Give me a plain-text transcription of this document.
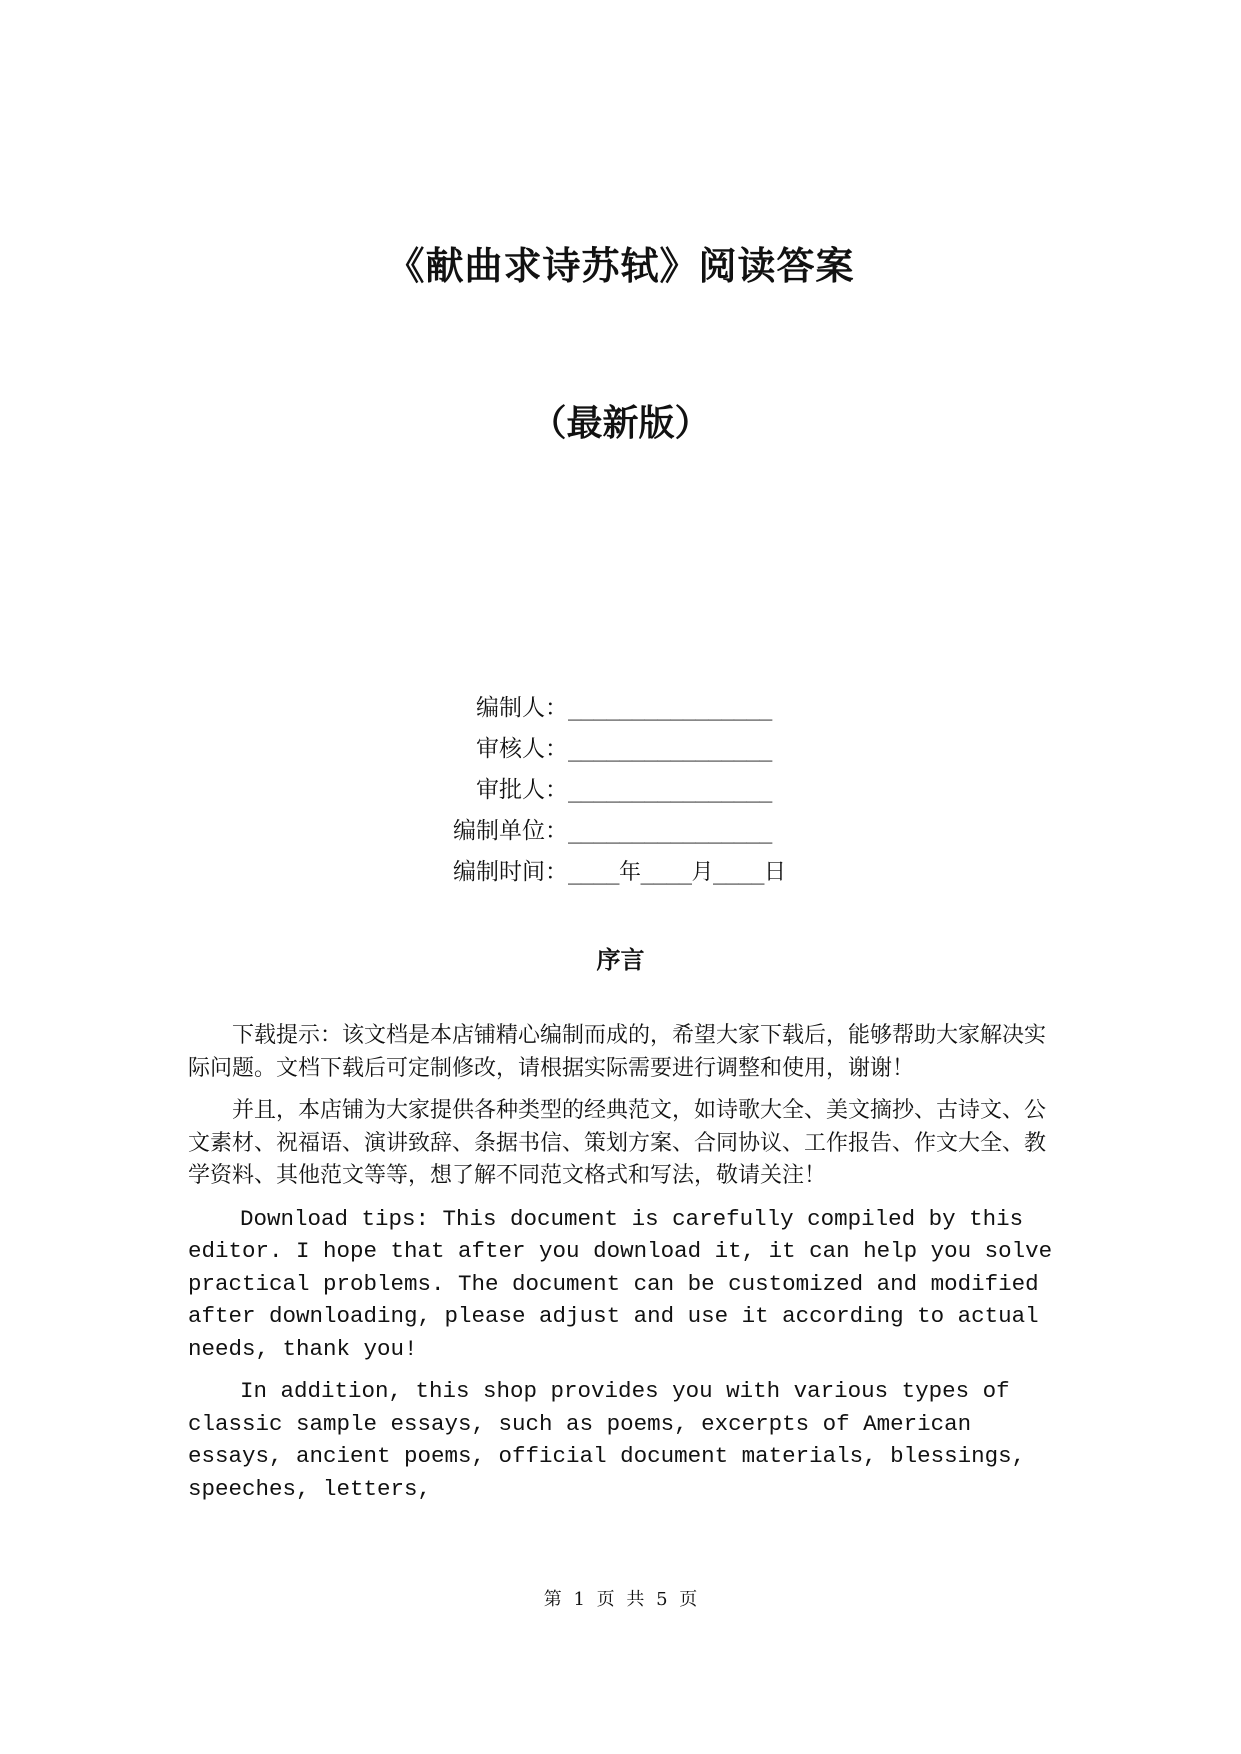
《献曲求诗苏轼》阅读答案
（最新版）
编制人： ________________
审核人： ________________
审批人： ________________
编制单位： ________________
编制时间： ____年____月____日
序言

下载提示：该文档是本店铺精心编制而成的，希望大家下载后，能够帮助大家解决实际问题。文档下载后可定制修改，请根据实际需要进行调整和使用，谢谢！

并且，本店铺为大家提供各种类型的经典范文，如诗歌大全、美文摘抄、古诗文、公文素材、祝福语、演讲致辞、条据书信、策划方案、合同协议、工作报告、作文大全、教学资料、其他范文等等，想了解不同范文格式和写法，敬请关注！

Download tips: This document is carefully compiled by this editor. I hope that after you download it, it can help you solve practical problems. The document can be customized and modified after downloading, please adjust and use it according to actual needs, thank you!

In addition, this shop provides you with various types of classic sample essays, such as poems, excerpts of American essays, ancient poems, official document materials, blessings, speeches, letters,

第 1 页 共 5 页
